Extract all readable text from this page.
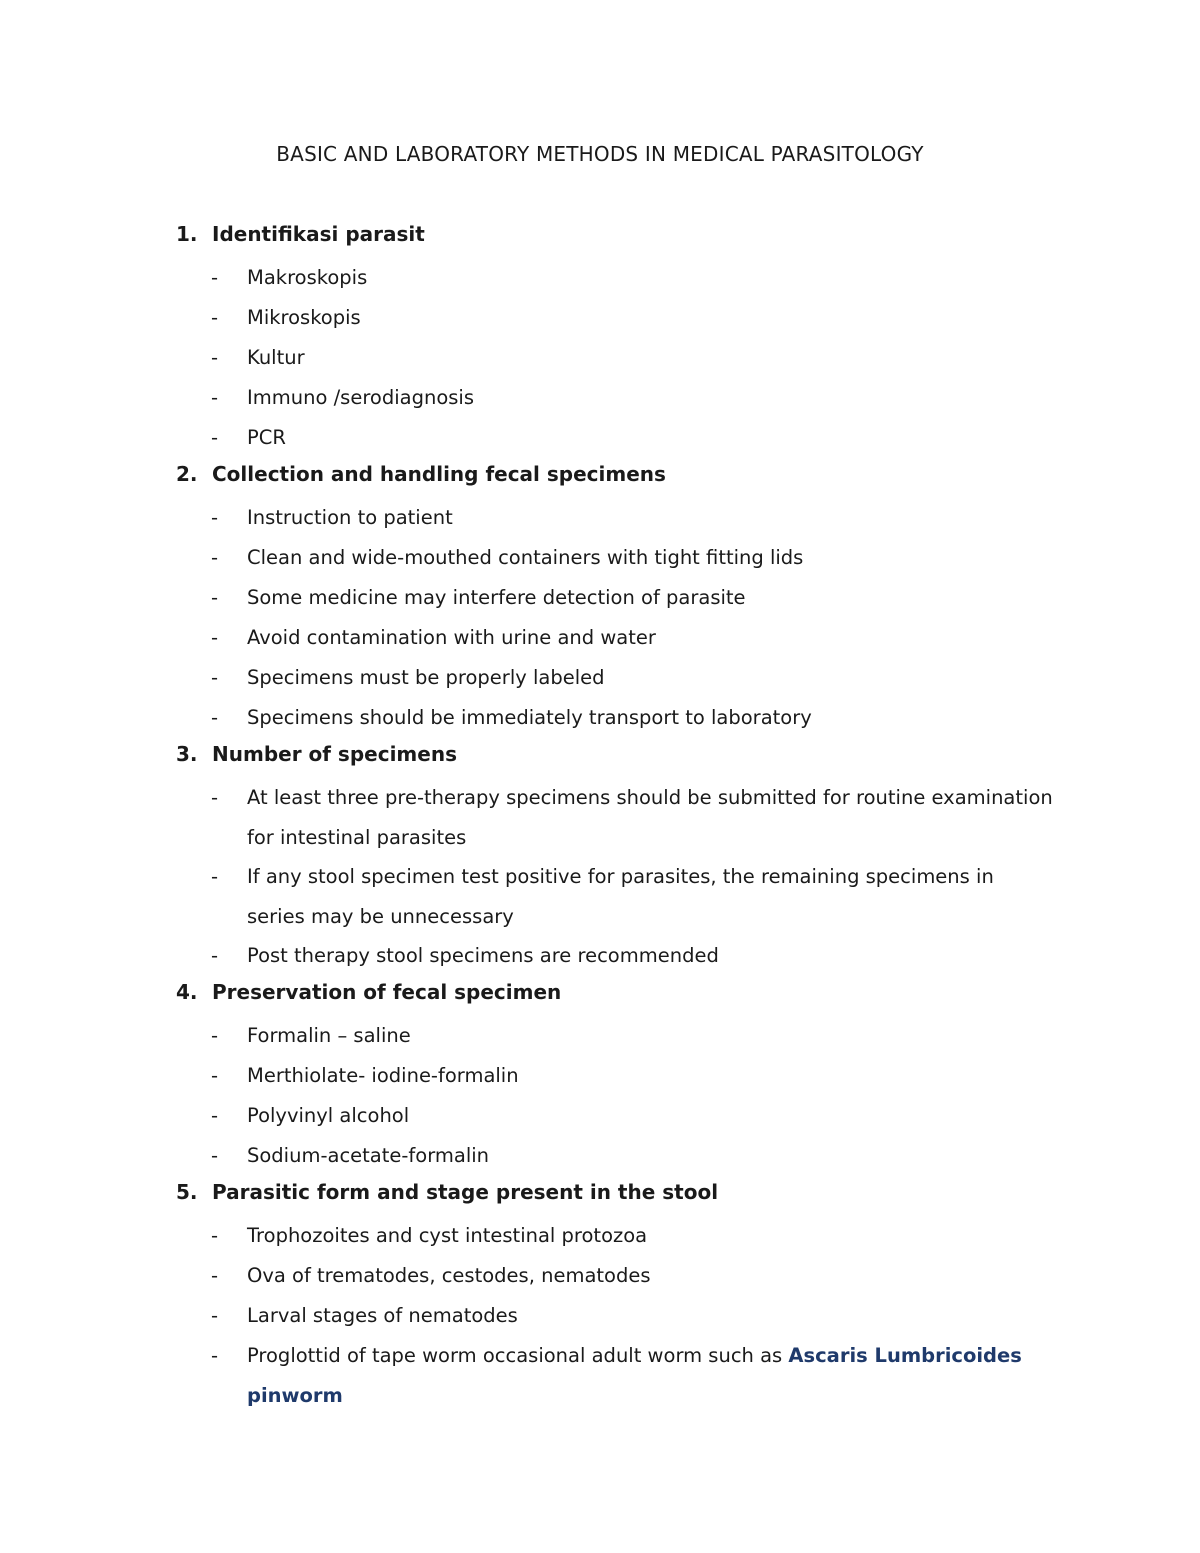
BASIC AND LABORATORY METHODS IN MEDICAL PARASITOLOGY
1. Identifikasi parasit
- Makroskopis
- Mikroskopis
- Kultur
- Immuno /serodiagnosis
- PCR
2. Collection and handling fecal specimens
- Instruction to patient
- Clean and wide-mouthed containers with tight fitting lids
- Some medicine may interfere detection of parasite
- Avoid contamination with urine and water
- Specimens must be properly labeled
- Specimens should be immediately transport to laboratory
3. Number of specimens
- At least three pre-therapy specimens should be submitted for routine examination for intestinal parasites
- If any stool specimen test positive for parasites, the remaining specimens in series may be unnecessary
- Post therapy stool specimens are recommended
4. Preservation of fecal specimen
- Formalin – saline
- Merthiolate- iodine-formalin
- Polyvinyl alcohol
- Sodium-acetate-formalin
5. Parasitic form and stage present in the stool
- Trophozoites and cyst intestinal protozoa
- Ova of trematodes, cestodes, nematodes
- Larval stages of nematodes
- Proglottid of tape worm occasional adult worm such as Ascaris Lumbricoides pinworm
